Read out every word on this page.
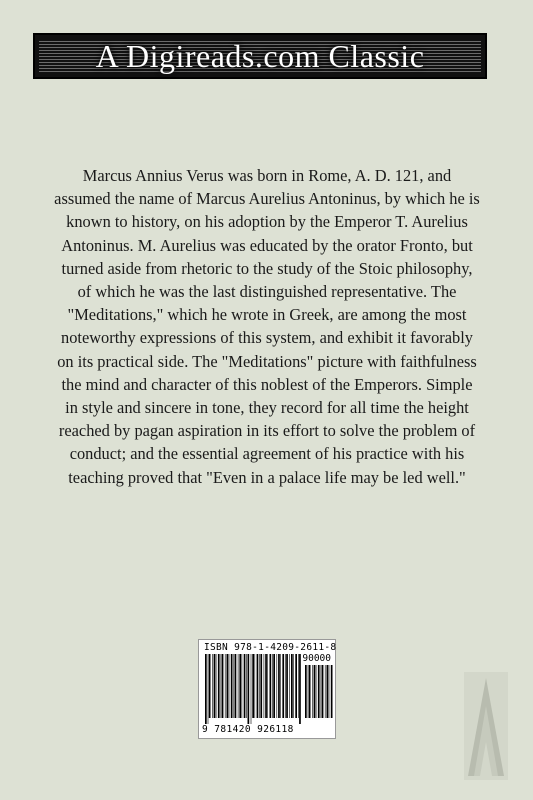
A Digireads.com Classic

Marcus Annius Verus was born in Rome, A. D. 121, and assumed the name of Marcus Aurelius Antoninus, by which he is known to history, on his adoption by the Emperor T. Aurelius Antoninus. M. Aurelius was educated by the orator Fronto, but turned aside from rhetoric to the study of the Stoic philosophy, of which he was the last distinguished representative. The "Meditations," which he wrote in Greek, are among the most noteworthy expressions of this system, and exhibit it favorably on its practical side. The "Meditations" picture with faithfulness the mind and character of this noblest of the Emperors. Simple in style and sincere in tone, they record for all time the height reached by pagan aspiration in its effort to solve the problem of conduct; and the essential agreement of his practice with his teaching proved that "Even in a palace life may be led well."

ISBN 978-1-4209-2611-8
90000
9 781420 926118
